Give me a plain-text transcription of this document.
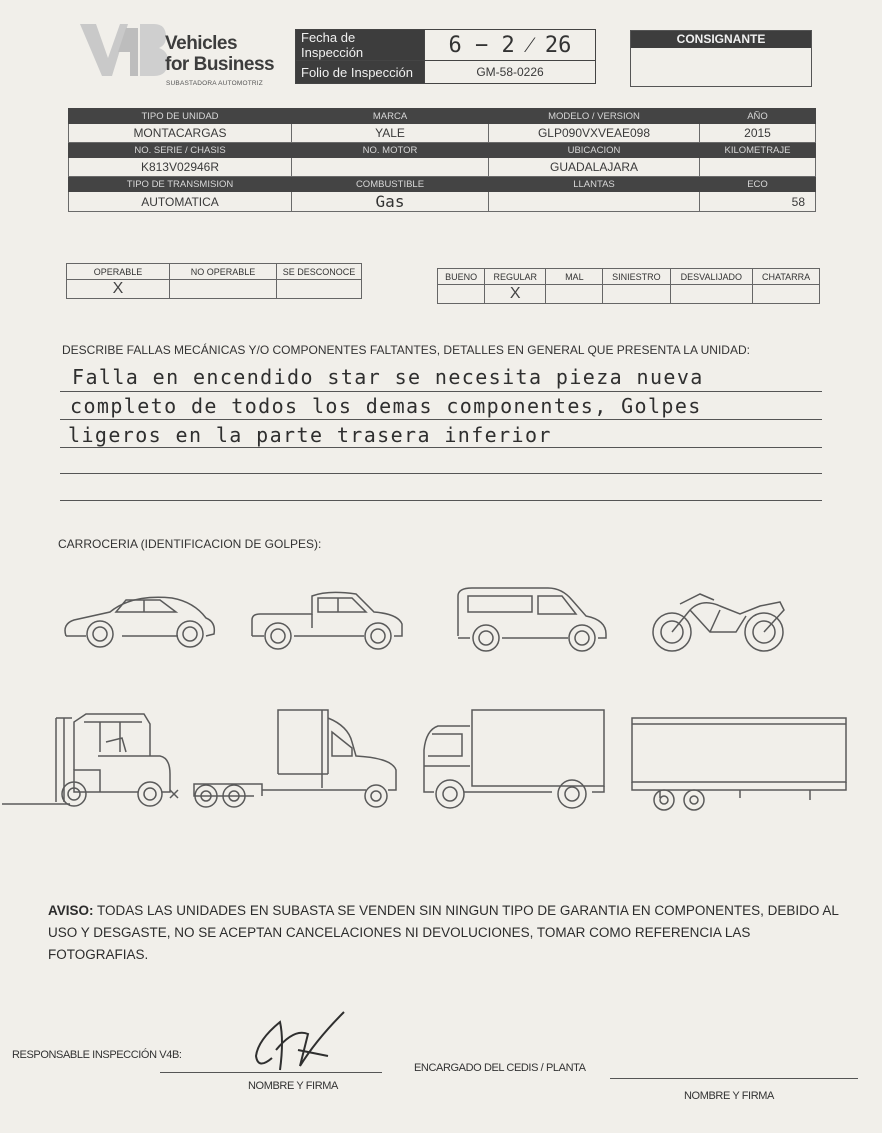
V4B
Vehicles
for Business
SUBASTADORA AUTOMOTRIZ
Fecha de Inspección	6 − 2 ⁄ 26
Folio de Inspección	GM-58-0226
CONSIGNANTE
TIPO DE UNIDAD	MARCA	MODELO / VERSION	AÑO
MONTACARGAS	YALE	GLP090VXVEAE098	2015
NO. SERIE / CHASIS	NO. MOTOR	UBICACION	KILOMETRAJE
K813V02946R		GUADALAJARA	
TIPO DE TRANSMISION	COMBUSTIBLE	LLANTAS	ECO
AUTOMATICA	Gas		58
OPERABLE	NO OPERABLE	SE DESCONOCE
X		
BUENO	REGULAR	MAL	SINIESTRO	DESVALIJADO	CHATARRA
	X				
DESCRIBE FALLAS MECÁNICAS Y/O COMPONENTES FALTANTES, DETALLES EN GENERAL QUE PRESENTA LA UNIDAD:
Falla en encendido star se necesita pieza nueva
completo de todos los demas componentes, Golpes
ligeros en la parte trasera inferior
CARROCERIA (IDENTIFICACION DE GOLPES):
AVISO: TODAS LAS UNIDADES EN SUBASTA SE VENDEN SIN NINGUN TIPO DE GARANTIA EN COMPONENTES, DEBIDO AL USO Y DESGASTE, NO SE ACEPTAN CANCELACIONES NI DEVOLUCIONES, TOMAR COMO REFERENCIA LAS FOTOGRAFIAS.
RESPONSABLE INSPECCIÓN V4B:
NOMBRE Y FIRMA
ENCARGADO DEL CEDIS / PLANTA
NOMBRE Y FIRMA
